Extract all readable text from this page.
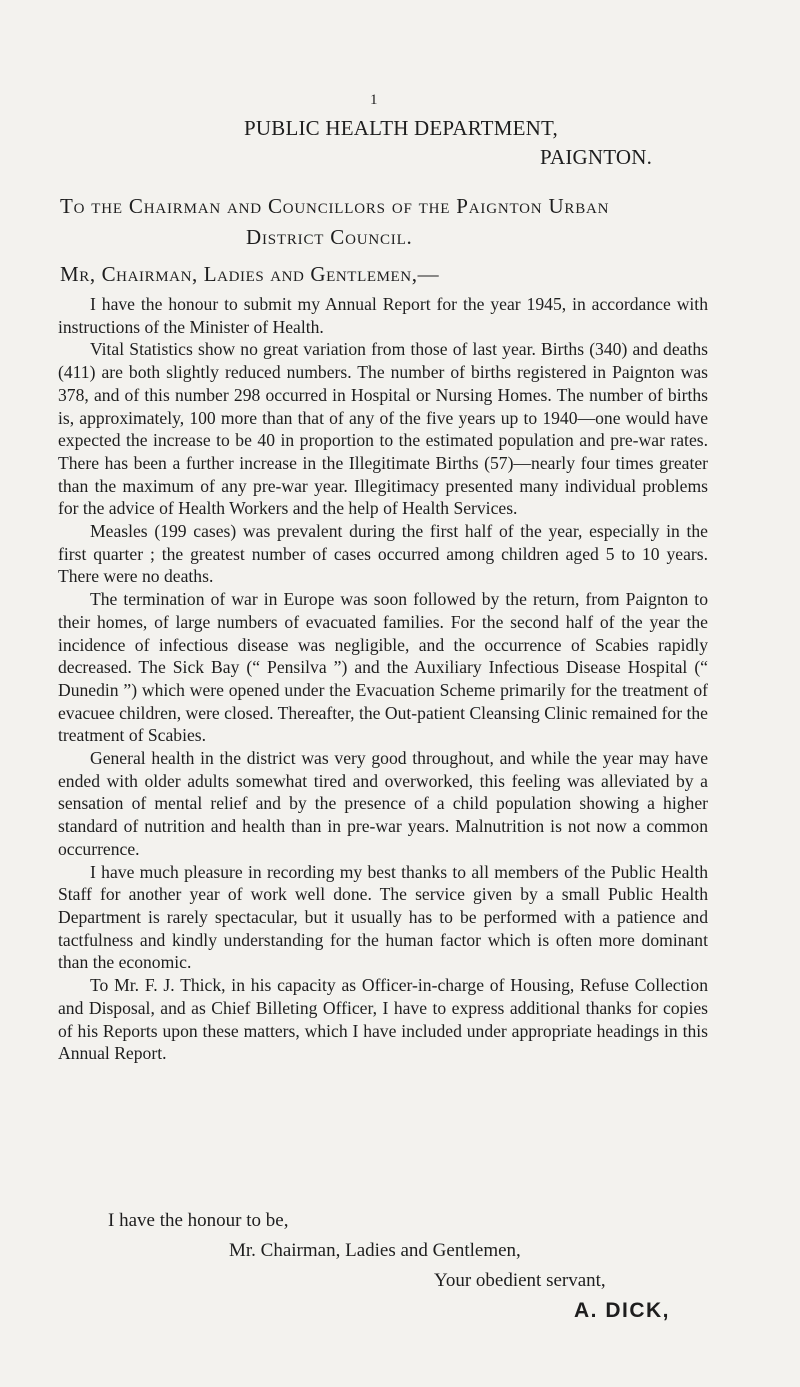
1
PUBLIC HEALTH DEPARTMENT,
PAIGNTON.
To the Chairman and Councillors of the Paignton Urban
District Council.
Mr, Chairman, Ladies and Gentlemen,—

I have the honour to submit my Annual Report for the year 1945, in accordance with instructions of the Minister of Health.

Vital Statistics show no great variation from those of last year. Births (340) and deaths (411) are both slightly reduced numbers. The number of births registered in Paignton was 378, and of this number 298 occurred in Hospital or Nursing Homes. The number of births is, approximately, 100 more than that of any of the five years up to 1940—one would have expected the increase to be 40 in proportion to the estimated population and pre-war rates. There has been a further increase in the Illegitimate Births (57)—nearly four times greater than the maximum of any pre-war year. Illegitimacy presented many individual problems for the advice of Health Workers and the help of Health Services.

Measles (199 cases) was prevalent during the first half of the year, especially in the first quarter ; the greatest number of cases occurred among children aged 5 to 10 years. There were no deaths.

The termination of war in Europe was soon followed by the return, from Paignton to their homes, of large numbers of evacuated families. For the second half of the year the incidence of infectious disease was negligible, and the occurrence of Scabies rapidly decreased. The Sick Bay (“ Pensilva ”) and the Auxiliary Infectious Disease Hospital (“ Dunedin ”) which were opened under the Evacuation Scheme primarily for the treatment of evacuee children, were closed. Thereafter, the Out-patient Cleansing Clinic remained for the treatment of Scabies.

General health in the district was very good throughout, and while the year may have ended with older adults somewhat tired and overworked, this feeling was alleviated by a sensation of mental relief and by the presence of a child population showing a higher standard of nutrition and health than in pre-war years. Malnutrition is not now a common occurrence.

I have much pleasure in recording my best thanks to all members of the Public Health Staff for another year of work well done. The service given by a small Public Health Department is rarely spectacular, but it usually has to be performed with a patience and tactfulness and kindly understanding for the human factor which is often more dominant than the economic.

To Mr. F. J. Thick, in his capacity as Officer-in-charge of Housing, Refuse Collection and Disposal, and as Chief Billeting Officer, I have to express additional thanks for copies of his Reports upon these matters, which I have included under appropriate headings in this Annual Report.

I have the honour to be,
Mr. Chairman, Ladies and Gentlemen,
Your obedient servant,
A. DICK,
